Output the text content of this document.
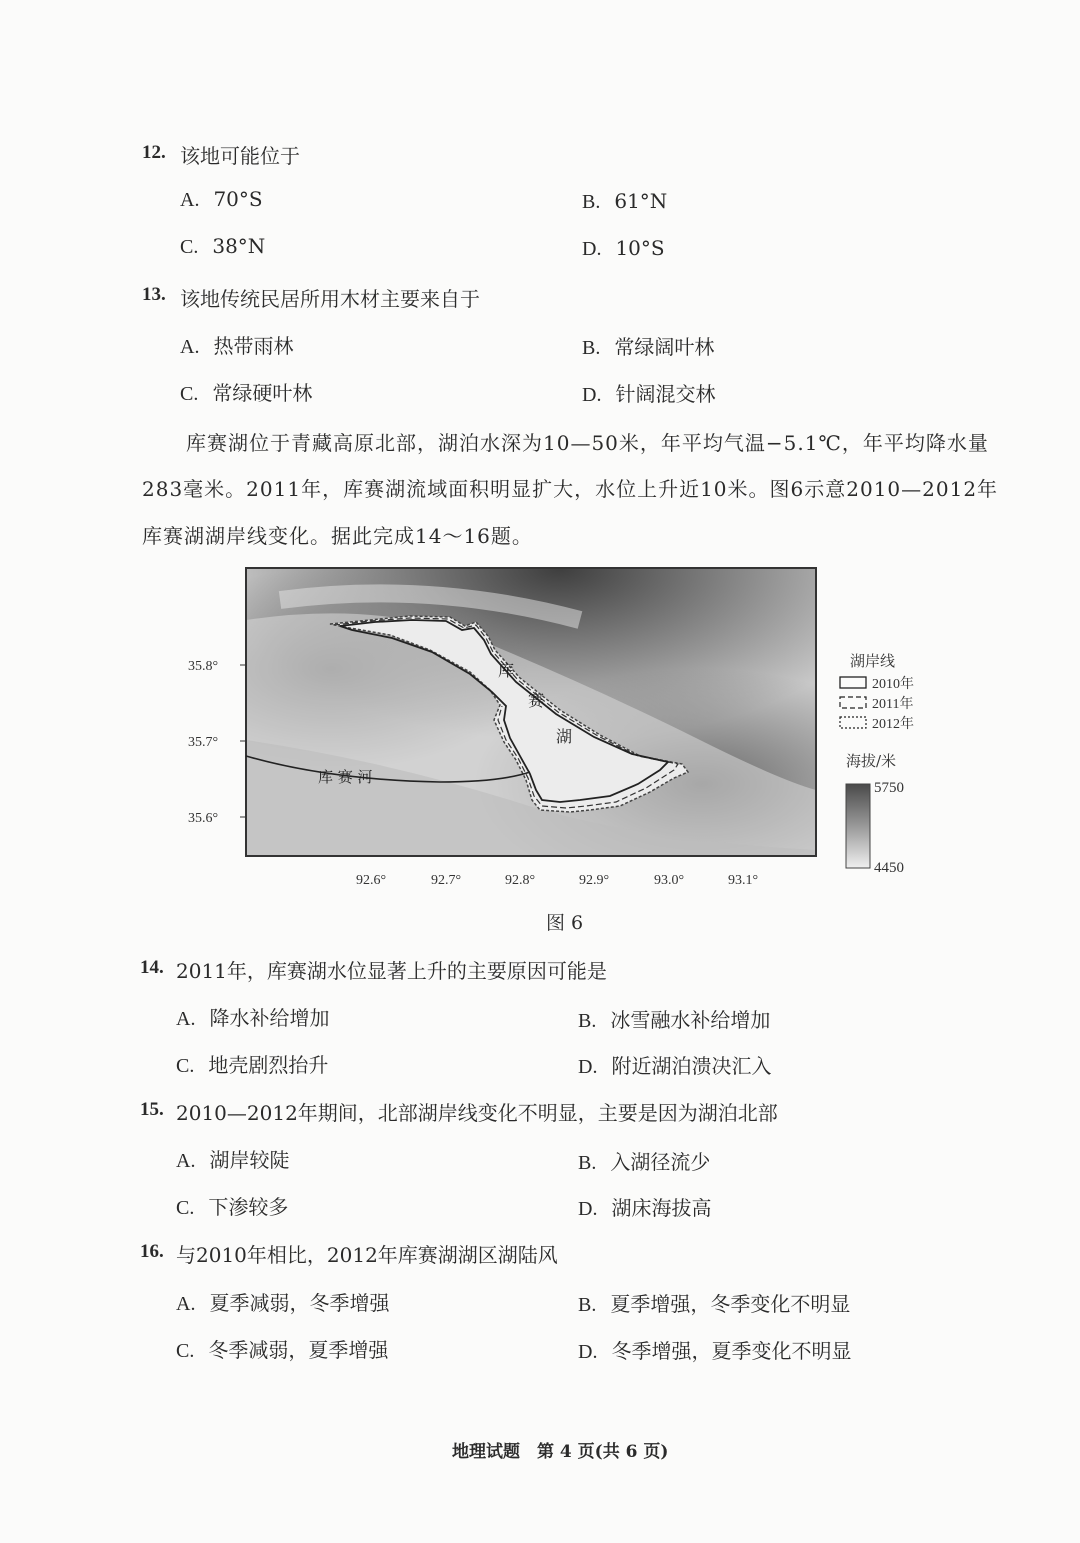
12. 该地可能位于
A. 70°S	B. 61°N
C. 38°N	D. 10°S
13. 该地传统民居所用木材主要来自于
A. 热带雨林	B. 常绿阔叶林
C. 常绿硬叶林	D. 针阔混交林
库赛湖位于青藏高原北部，湖泊水深为10—50米，年平均气温−5.1℃，年平均降水量
283毫米。2011年，库赛湖流域面积明显扩大，水位上升近10米。图6示意2010—2012年
库赛湖湖岸线变化。据此完成14～16题。
库
赛
湖
库 赛 河
35.8°
35.7°
35.6°
92.6°	92.7°	92.8°	92.9°	93.0°	93.1°
湖岸线
2010年
2011年
2012年
海拔/米
5750
4450
图 6
14. 2011年，库赛湖水位显著上升的主要原因可能是
A. 降水补给增加	B. 冰雪融水补给增加
C. 地壳剧烈抬升	D. 附近湖泊溃决汇入
15. 2010—2012年期间，北部湖岸线变化不明显，主要是因为湖泊北部
A. 湖岸较陡	B. 入湖径流少
C. 下渗较多	D. 湖床海拔高
16. 与2010年相比，2012年库赛湖湖区湖陆风
A. 夏季减弱，冬季增强	B. 夏季增强，冬季变化不明显
C. 冬季减弱，夏季增强	D. 冬季增强，夏季变化不明显
地理试题　第 4 页(共 6 页)
